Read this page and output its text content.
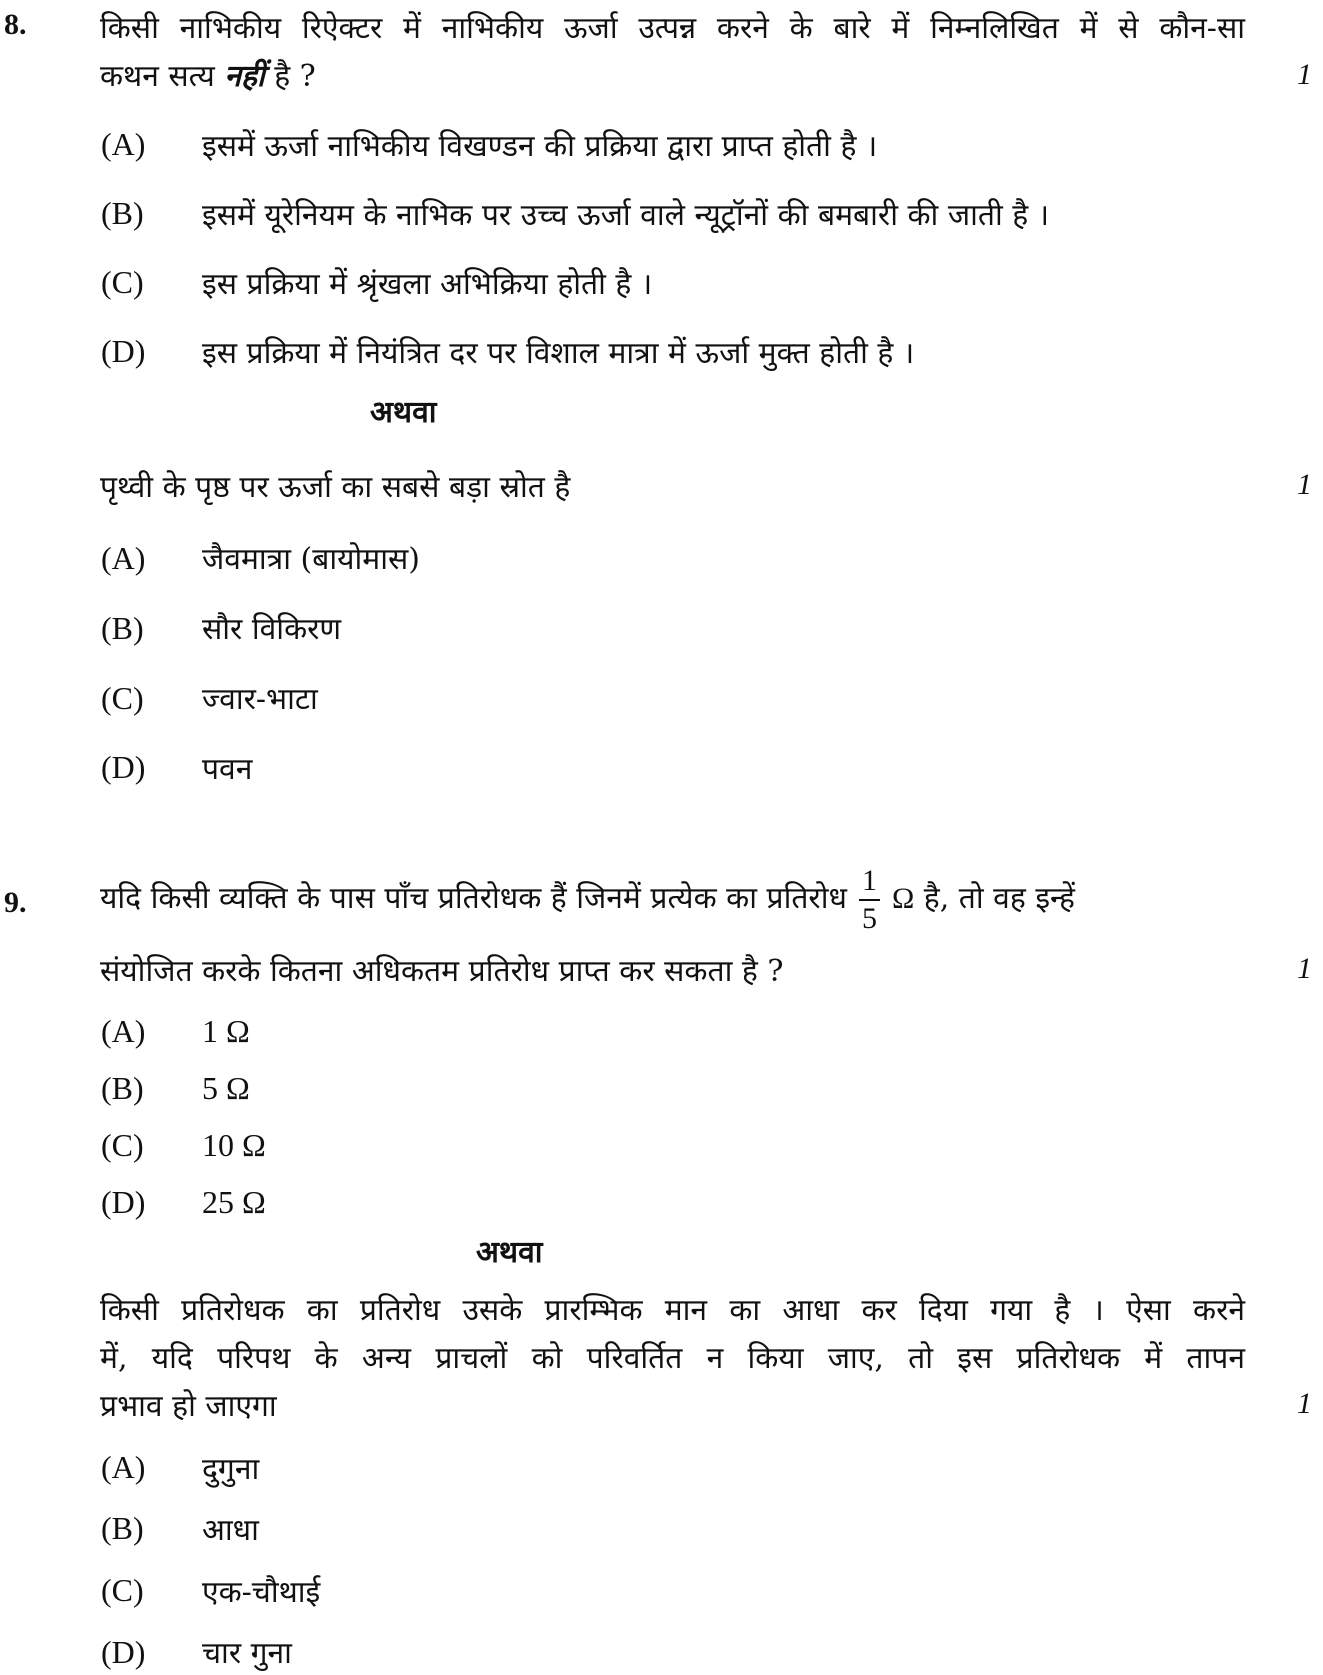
8. किसी नाभिकीय रिऐक्टर में नाभिकीय ऊर्जा उत्पन्न करने के बारे में निम्नलिखित में से कौन-सा
कथन सत्य नहीं है ?	1
(A) इसमें ऊर्जा नाभिकीय विखण्डन की प्रक्रिया द्वारा प्राप्त होती है ।
(B) इसमें यूरेनियम के नाभिक पर उच्च ऊर्जा वाले न्यूट्रॉनों की बमबारी की जाती है ।
(C) इस प्रक्रिया में श्रृंखला अभिक्रिया होती है ।
(D) इस प्रक्रिया में नियंत्रित दर पर विशाल मात्रा में ऊर्जा मुक्त होती है ।
अथवा
पृथ्वी के पृष्ठ पर ऊर्जा का सबसे बड़ा स्रोत है	1
(A) जैवमात्रा (बायोमास)
(B) सौर विकिरण
(C) ज्वार-भाटा
(D) पवन
9. यदि किसी व्यक्ति के पास पाँच प्रतिरोधक हैं जिनमें प्रत्येक का प्रतिरोध $\frac{1}{5}$ Ω है, तो वह इन्हें
संयोजित करके कितना अधिकतम प्रतिरोध प्राप्त कर सकता है ?	1
(A) 1 Ω
(B) 5 Ω
(C) 10 Ω
(D) 25 Ω
अथवा
किसी प्रतिरोधक का प्रतिरोध उसके प्रारम्भिक मान का आधा कर दिया गया है । ऐसा करने
में, यदि परिपथ के अन्य प्राचलों को परिवर्तित न किया जाए, तो इस प्रतिरोधक में तापन
प्रभाव हो जाएगा	1
(A) दुगुना
(B) आधा
(C) एक-चौथाई
(D) चार गुना
